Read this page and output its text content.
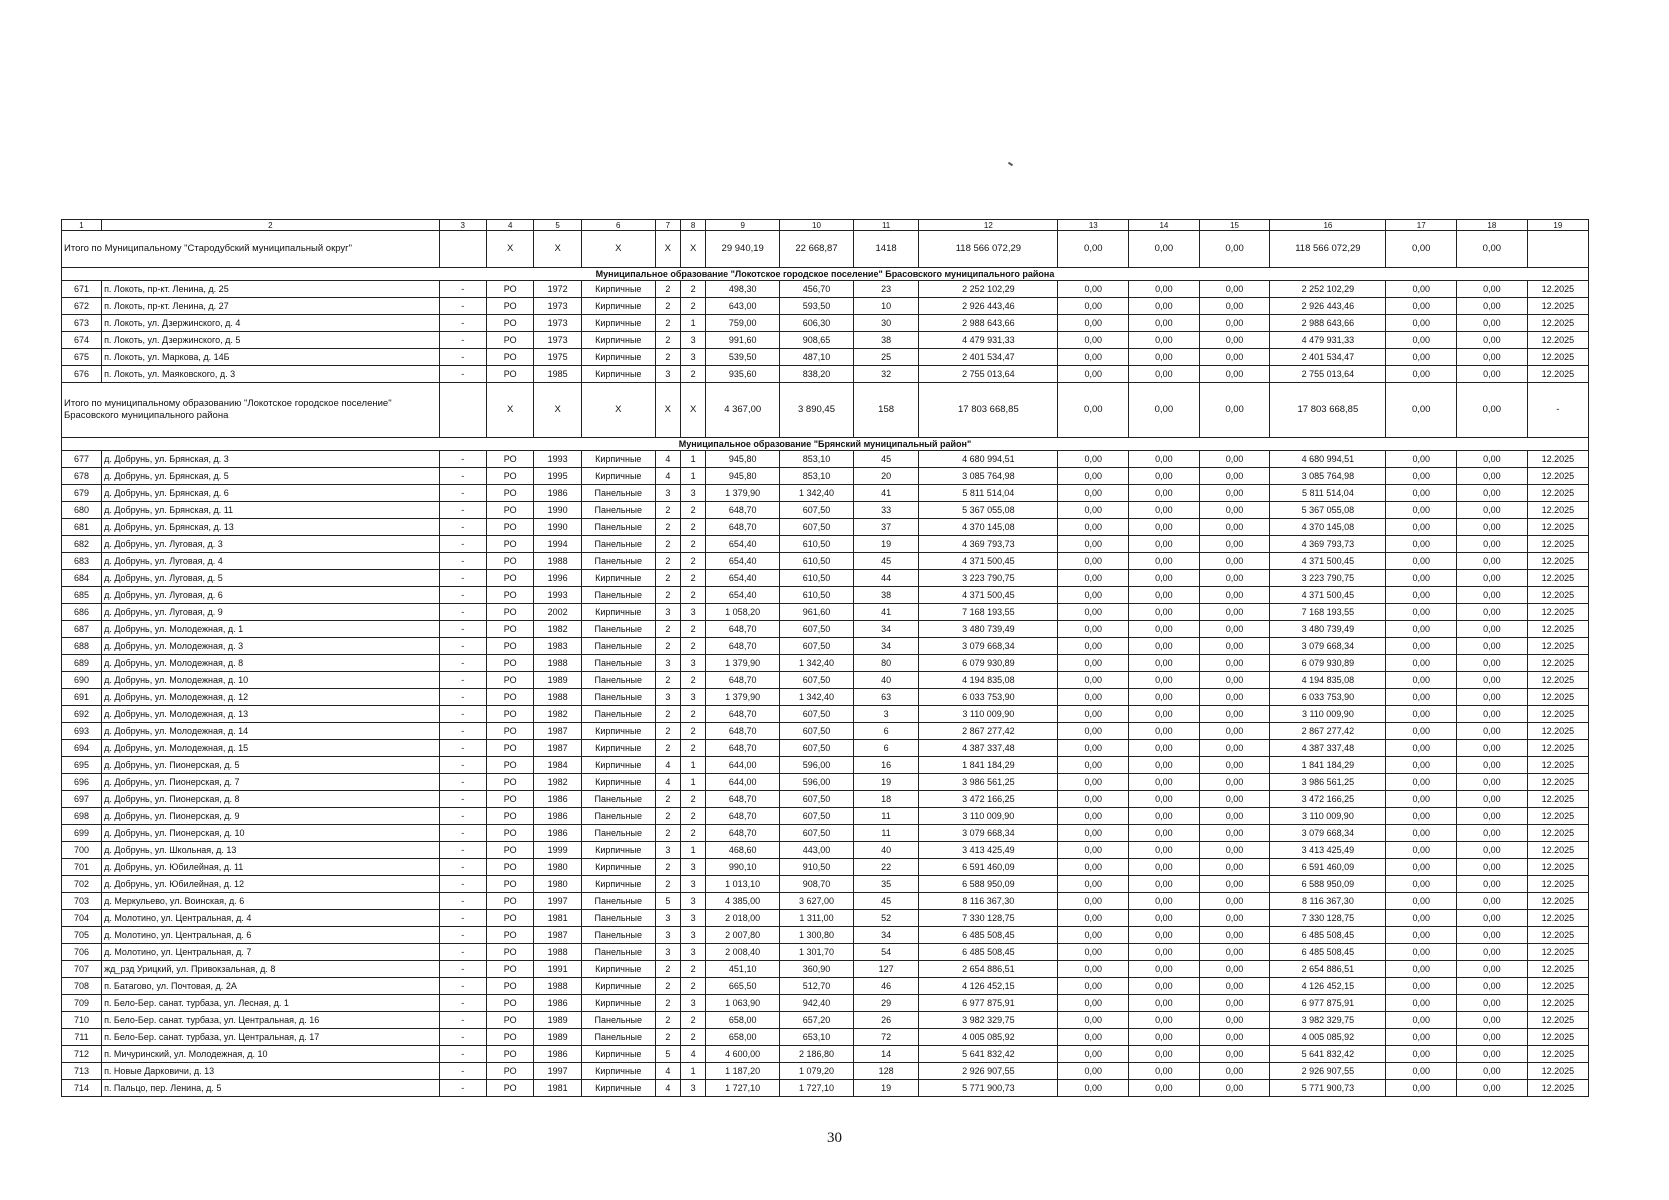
1	2	3	4	5	6	7	8	9	10	11	12	13	14	15	16	17	18	19
Итого по Муниципальному "Стародубский муниципальный округ"			Х	Х	Х	Х	Х	29 940,19	22 668,87	1418	118 566 072,29	0,00	0,00	0,00	118 566 072,29	0,00	0,00	
Муниципальное образование "Локотское городское поселение" Брасовского муниципального района																		
671	п. Локоть, пр-кт. Ленина, д. 25	-	РО	1972	Кирпичные	2	2	498,30	456,70	23	2 252 102,29	0,00	0,00	0,00	2 252 102,29	0,00	0,00	12.2025
672	п. Локоть, пр-кт. Ленина, д. 27	-	РО	1973	Кирпичные	2	2	643,00	593,50	10	2 926 443,46	0,00	0,00	0,00	2 926 443,46	0,00	0,00	12.2025
673	п. Локоть, ул. Дзержинского, д. 4	-	РО	1973	Кирпичные	2	1	759,00	606,30	30	2 988 643,66	0,00	0,00	0,00	2 988 643,66	0,00	0,00	12.2025
674	п. Локоть, ул. Дзержинского, д. 5	-	РО	1973	Кирпичные	2	3	991,60	908,65	38	4 479 931,33	0,00	0,00	0,00	4 479 931,33	0,00	0,00	12.2025
675	п. Локоть, ул. Маркова, д. 14Б	-	РО	1975	Кирпичные	2	3	539,50	487,10	25	2 401 534,47	0,00	0,00	0,00	2 401 534,47	0,00	0,00	12.2025
676	п. Локоть, ул. Маяковского, д. 3	-	РО	1985	Кирпичные	3	2	935,60	838,20	32	2 755 013,64	0,00	0,00	0,00	2 755 013,64	0,00	0,00	12.2025
Итого по муниципальному образованию "Локотское городское поселение" Брасовского муниципального района			Х	Х	Х	Х	Х	4 367,00	3 890,45	158	17 803 668,85	0,00	0,00	0,00	17 803 668,85	0,00	0,00	-
Муниципальное образование "Брянский муниципальный район"																		
677	д. Добрунь, ул. Брянская, д. 3	-	РО	1993	Кирпичные	4	1	945,80	853,10	45	4 680 994,51	0,00	0,00	0,00	4 680 994,51	0,00	0,00	12.2025
678	д. Добрунь, ул. Брянская, д. 5	-	РО	1995	Кирпичные	4	1	945,80	853,10	20	3 085 764,98	0,00	0,00	0,00	3 085 764,98	0,00	0,00	12.2025
679	д. Добрунь, ул. Брянская, д. 6	-	РО	1986	Панельные	3	3	1 379,90	1 342,40	41	5 811 514,04	0,00	0,00	0,00	5 811 514,04	0,00	0,00	12.2025
680	д. Добрунь, ул. Брянская, д. 11	-	РО	1990	Панельные	2	2	648,70	607,50	33	5 367 055,08	0,00	0,00	0,00	5 367 055,08	0,00	0,00	12.2025
681	д. Добрунь, ул. Брянская, д. 13	-	РО	1990	Панельные	2	2	648,70	607,50	37	4 370 145,08	0,00	0,00	0,00	4 370 145,08	0,00	0,00	12.2025
682	д. Добрунь, ул. Луговая, д. 3	-	РО	1994	Панельные	2	2	654,40	610,50	19	4 369 793,73	0,00	0,00	0,00	4 369 793,73	0,00	0,00	12.2025
683	д. Добрунь, ул. Луговая, д. 4	-	РО	1988	Панельные	2	2	654,40	610,50	45	4 371 500,45	0,00	0,00	0,00	4 371 500,45	0,00	0,00	12.2025
684	д. Добрунь, ул. Луговая, д. 5	-	РО	1996	Кирпичные	2	2	654,40	610,50	44	3 223 790,75	0,00	0,00	0,00	3 223 790,75	0,00	0,00	12.2025
685	д. Добрунь, ул. Луговая, д. 6	-	РО	1993	Панельные	2	2	654,40	610,50	38	4 371 500,45	0,00	0,00	0,00	4 371 500,45	0,00	0,00	12.2025
686	д. Добрунь, ул. Луговая, д. 9	-	РО	2002	Кирпичные	3	3	1 058,20	961,60	41	7 168 193,55	0,00	0,00	0,00	7 168 193,55	0,00	0,00	12.2025
687	д. Добрунь, ул. Молодежная, д. 1	-	РО	1982	Панельные	2	2	648,70	607,50	34	3 480 739,49	0,00	0,00	0,00	3 480 739,49	0,00	0,00	12.2025
688	д. Добрунь, ул. Молодежная, д. 3	-	РО	1983	Панельные	2	2	648,70	607,50	34	3 079 668,34	0,00	0,00	0,00	3 079 668,34	0,00	0,00	12.2025
689	д. Добрунь, ул. Молодежная, д. 8	-	РО	1988	Панельные	3	3	1 379,90	1 342,40	80	6 079 930,89	0,00	0,00	0,00	6 079 930,89	0,00	0,00	12.2025
690	д. Добрунь, ул. Молодежная, д. 10	-	РО	1989	Панельные	2	2	648,70	607,50	40	4 194 835,08	0,00	0,00	0,00	4 194 835,08	0,00	0,00	12.2025
691	д. Добрунь, ул. Молодежная, д. 12	-	РО	1988	Панельные	3	3	1 379,90	1 342,40	63	6 033 753,90	0,00	0,00	0,00	6 033 753,90	0,00	0,00	12.2025
692	д. Добрунь, ул. Молодежная, д. 13	-	РО	1982	Панельные	2	2	648,70	607,50	3	3 110 009,90	0,00	0,00	0,00	3 110 009,90	0,00	0,00	12.2025
693	д. Добрунь, ул. Молодежная, д. 14	-	РО	1987	Кирпичные	2	2	648,70	607,50	6	2 867 277,42	0,00	0,00	0,00	2 867 277,42	0,00	0,00	12.2025
694	д. Добрунь, ул. Молодежная, д. 15	-	РО	1987	Кирпичные	2	2	648,70	607,50	6	4 387 337,48	0,00	0,00	0,00	4 387 337,48	0,00	0,00	12.2025
695	д. Добрунь, ул. Пионерская, д. 5	-	РО	1984	Кирпичные	4	1	644,00	596,00	16	1 841 184,29	0,00	0,00	0,00	1 841 184,29	0,00	0,00	12.2025
696	д. Добрунь, ул. Пионерская, д. 7	-	РО	1982	Кирпичные	4	1	644,00	596,00	19	3 986 561,25	0,00	0,00	0,00	3 986 561,25	0,00	0,00	12.2025
697	д. Добрунь, ул. Пионерская, д. 8	-	РО	1986	Панельные	2	2	648,70	607,50	18	3 472 166,25	0,00	0,00	0,00	3 472 166,25	0,00	0,00	12.2025
698	д. Добрунь, ул. Пионерская, д. 9	-	РО	1986	Панельные	2	2	648,70	607,50	11	3 110 009,90	0,00	0,00	0,00	3 110 009,90	0,00	0,00	12.2025
699	д. Добрунь, ул. Пионерская, д. 10	-	РО	1986	Панельные	2	2	648,70	607,50	11	3 079 668,34	0,00	0,00	0,00	3 079 668,34	0,00	0,00	12.2025
700	д. Добрунь, ул. Школьная, д. 13	-	РО	1999	Кирпичные	3	1	468,60	443,00	40	3 413 425,49	0,00	0,00	0,00	3 413 425,49	0,00	0,00	12.2025
701	д. Добрунь, ул. Юбилейная, д. 11	-	РО	1980	Кирпичные	2	3	990,10	910,50	22	6 591 460,09	0,00	0,00	0,00	6 591 460,09	0,00	0,00	12.2025
702	д. Добрунь, ул. Юбилейная, д. 12	-	РО	1980	Кирпичные	2	3	1 013,10	908,70	35	6 588 950,09	0,00	0,00	0,00	6 588 950,09	0,00	0,00	12.2025
703	д. Меркульево, ул. Воинская, д. 6	-	РО	1997	Панельные	5	3	4 385,00	3 627,00	45	8 116 367,30	0,00	0,00	0,00	8 116 367,30	0,00	0,00	12.2025
704	д. Молотино, ул. Центральная, д. 4	-	РО	1981	Панельные	3	3	2 018,00	1 311,00	52	7 330 128,75	0,00	0,00	0,00	7 330 128,75	0,00	0,00	12.2025
705	д. Молотино, ул. Центральная, д. 6	-	РО	1987	Панельные	3	3	2 007,80	1 300,80	34	6 485 508,45	0,00	0,00	0,00	6 485 508,45	0,00	0,00	12.2025
706	д. Молотино, ул. Центральная, д. 7	-	РО	1988	Панельные	3	3	2 008,40	1 301,70	54	6 485 508,45	0,00	0,00	0,00	6 485 508,45	0,00	0,00	12.2025
707	жд_рзд Урицкий, ул. Привокзальная, д. 8	-	РО	1991	Кирпичные	2	2	451,10	360,90	127	2 654 886,51	0,00	0,00	0,00	2 654 886,51	0,00	0,00	12.2025
708	п. Батагово, ул. Почтовая, д. 2А	-	РО	1988	Кирпичные	2	2	665,50	512,70	46	4 126 452,15	0,00	0,00	0,00	4 126 452,15	0,00	0,00	12.2025
709	п. Бело-Бер. санат. турбаза, ул. Лесная, д. 1	-	РО	1986	Кирпичные	2	3	1 063,90	942,40	29	6 977 875,91	0,00	0,00	0,00	6 977 875,91	0,00	0,00	12.2025
710	п. Бело-Бер. санат. турбаза, ул. Центральная, д. 16	-	РО	1989	Панельные	2	2	658,00	657,20	26	3 982 329,75	0,00	0,00	0,00	3 982 329,75	0,00	0,00	12.2025
711	п. Бело-Бер. санат. турбаза, ул. Центральная, д. 17	-	РО	1989	Панельные	2	2	658,00	653,10	72	4 005 085,92	0,00	0,00	0,00	4 005 085,92	0,00	0,00	12.2025
712	п. Мичуринский, ул. Молодежная, д. 10	-	РО	1986	Кирпичные	5	4	4 600,00	2 186,80	14	5 641 832,42	0,00	0,00	0,00	5 641 832,42	0,00	0,00	12.2025
713	п. Новые Дарковичи, д. 13	-	РО	1997	Кирпичные	4	1	1 187,20	1 079,20	128	2 926 907,55	0,00	0,00	0,00	2 926 907,55	0,00	0,00	12.2025
714	п. Пальцо, пер. Ленина, д. 5	-	РО	1981	Кирпичные	4	3	1 727,10	1 727,10	19	5 771 900,73	0,00	0,00	0,00	5 771 900,73	0,00	0,00	12.2025
30
